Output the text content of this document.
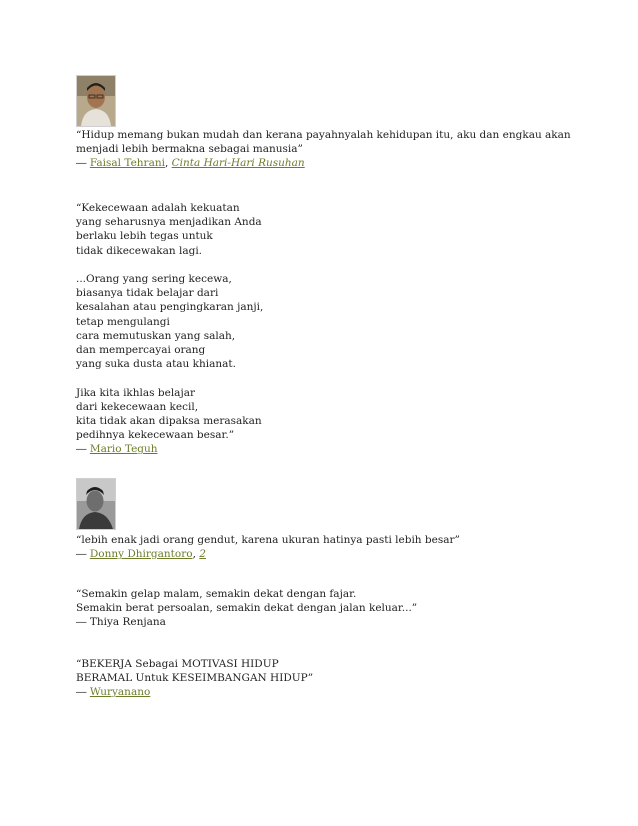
“Hidup memang bukan mudah dan kerana payahnyalah kehidupan itu, aku dan engkau akan
menjadi lebih bermakna sebagai manusia”
― Faisal Tehrani, Cinta Hari-Hari Rusuhan
“Kekecewaan adalah kekuatan
yang seharusnya menjadikan Anda
berlaku lebih tegas untuk
tidak dikecewakan lagi.

...Orang yang sering kecewa,
biasanya tidak belajar dari
kesalahan atau pengingkaran janji,
tetap mengulangi
cara memutuskan yang salah,
dan mempercayai orang
yang suka dusta atau khianat.

Jika kita ikhlas belajar
dari kekecewaan kecil,
kita tidak akan dipaksa merasakan
pedihnya kekecewaan besar.”
― Mario Teguh
“lebih enak jadi orang gendut, karena ukuran hatinya pasti lebih besar”
― Donny Dhirgantoro, 2
“Semakin gelap malam, semakin dekat dengan fajar.
Semakin berat persoalan, semakin dekat dengan jalan keluar...”
― Thiya Renjana
“BEKERJA Sebagai MOTIVASI HIDUP
BERAMAL Untuk KESEIMBANGAN HIDUP”
― Wuryanano
